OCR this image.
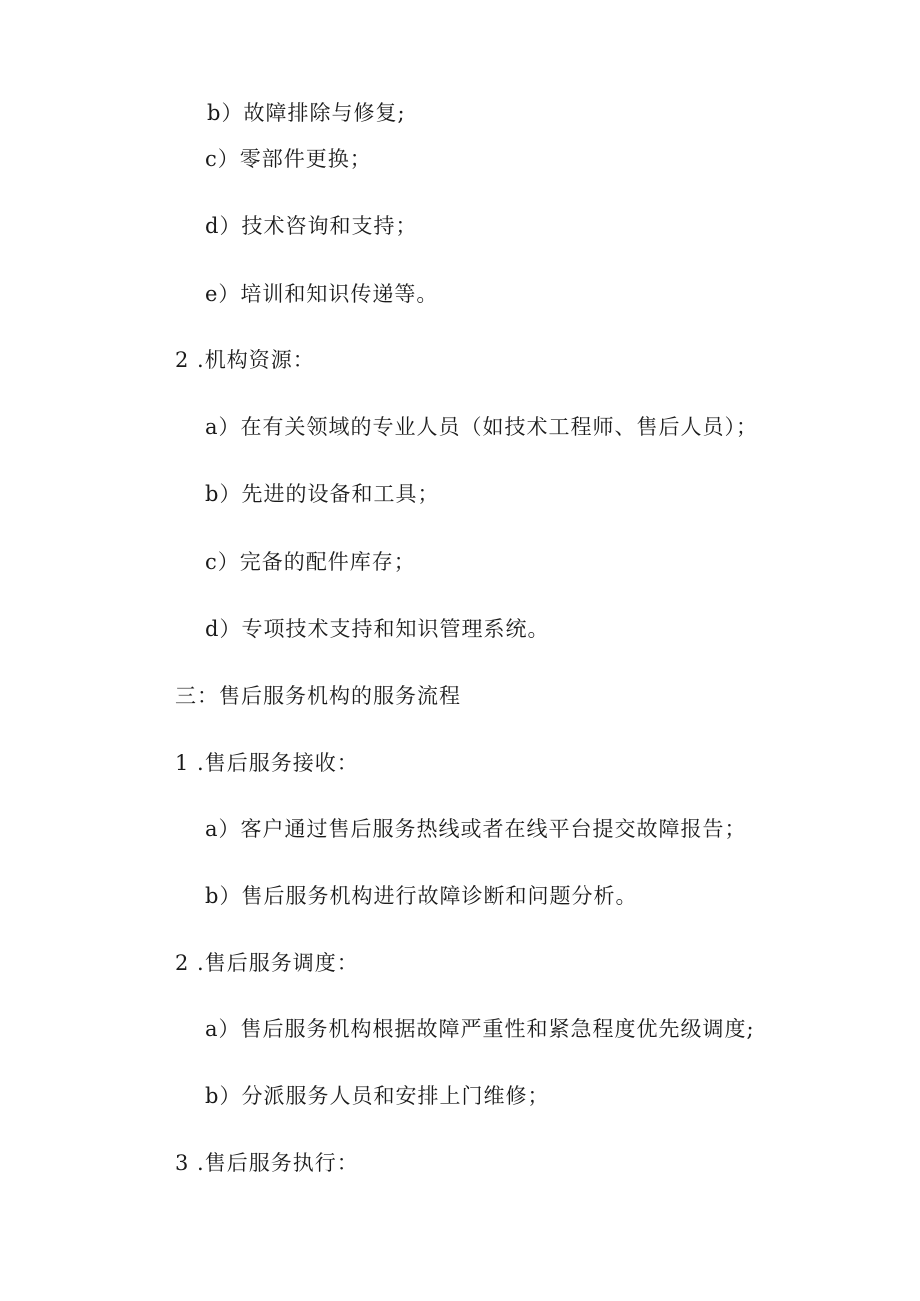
b）故障排除与修复;
c）零部件更换；
d）技术咨询和支持；
e）培训和知识传递等。
2 .机构资源：
a）在有关领域的专业人员（如技术工程师、售后人员）；
b）先进的设备和工具；
c）完备的配件库存；
d）专项技术支持和知识管理系统。
三：售后服务机构的服务流程
1 .售后服务接收：
a）客户通过售后服务热线或者在线平台提交故障报告；
b）售后服务机构进行故障诊断和问题分析。
2 .售后服务调度：
a）售后服务机构根据故障严重性和紧急程度优先级调度;
b）分派服务人员和安排上门维修；
3 .售后服务执行：
